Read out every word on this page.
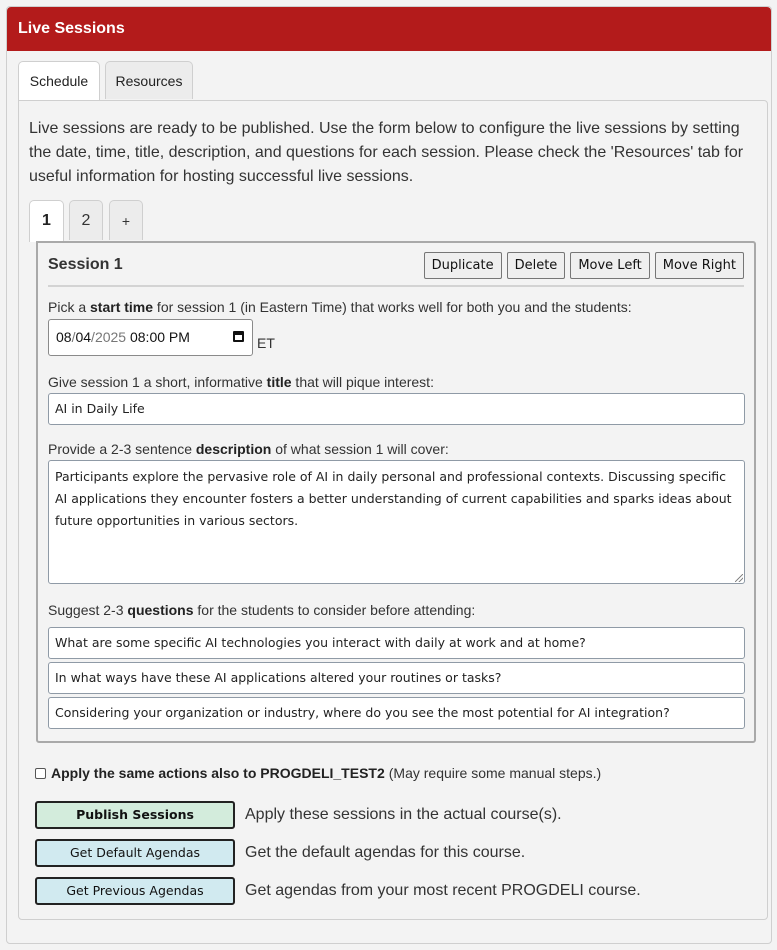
Live Sessions
Schedule	Resources
Live sessions are ready to be published. Use the form below to configure the live sessions by setting the date, time, title, description, and questions for each session. Please check the 'Resources' tab for useful information for hosting successful live sessions.
1	2	+
Session 1	Duplicate	Delete	Move Left	Move Right
Pick a start time for session 1 (in Eastern Time) that works well for both you and the students:
08/04/2025 08:00 PM	ET
Give session 1 a short, informative title that will pique interest:
AI in Daily Life
Provide a 2-3 sentence description of what session 1 will cover:
Participants explore the pervasive role of AI in daily personal and professional contexts. Discussing specific AI applications they encounter fosters a better understanding of current capabilities and sparks ideas about future opportunities in various sectors.
Suggest 2-3 questions for the students to consider before attending:
What are some specific AI technologies you interact with daily at work and at home?
In what ways have these AI applications altered your routines or tasks?
Considering your organization or industry, where do you see the most potential for AI integration?
Apply the same actions also to PROGDELI_TEST2 (May require some manual steps.)
Publish Sessions	Apply these sessions in the actual course(s).
Get Default Agendas	Get the default agendas for this course.
Get Previous Agendas	Get agendas from your most recent PROGDELI course.
